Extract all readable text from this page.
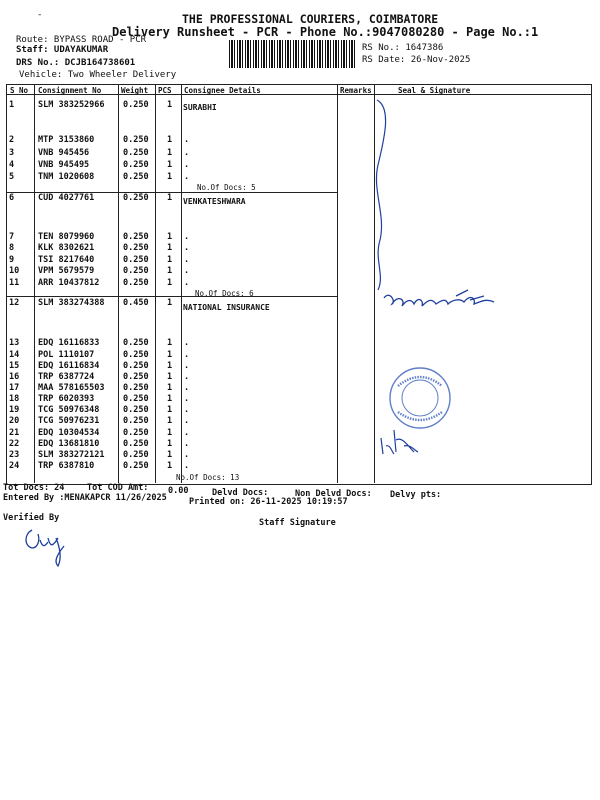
-	THE PROFESSIONAL COURIERS, COIMBATORE
Delivery Runsheet - PCR - Phone No.:9047080280 - Page No.:1
Route: BYPASS ROAD - PCR
Staff: UDAYAKUMAR
DRS No.: DCJB164738601
Vehicle: Two Wheeler Delivery
RS No.: 1647386
RS Date: 26-Nov-2025
S No Consignment No	Weight PCS Consignee Details	Remarks	Seal & Signature
SURABHI
No.Of Docs: 5
1	SLM 383252966 0.250 1
2	MTP 3153860	0.250 1 .
3	VNB 945456	0.250 1 .
4	VNB 945495	0.250 1 .
5	TNM 1020608	0.250 1 .
VENKATESHWARA
No.Of Docs: 6
6	CUD 4027761	0.250 1
7	TEN 8079960	0.250 1 .
8	KLK 8302621	0.250 1 .
9	TSI 8217640	0.250 1 .
10 VPM 5679579	0.250 1 .
11 ARR 10437812	0.250 1 .
NATIONAL INSURANCE
No.Of Docs: 13
12 SLM 383274388 0.450 1
13 EDQ 16116833	0.250 1 .
14 POL 1110107	0.250 1 .
15 EDQ 16116834	0.250 1 .
16 TRP 6387724	0.250 1 .
17 MAA 578165503 0.250 1 .
18 TRP 6020393	0.250 1 .
19 TCG 50976348	0.250 1 .
20 TCG 50976231	0.250 1 .
21 EDQ 10304534	0.250 1 .
22 EDQ 13681810	0.250 1 .
23 SLM 383272121 0.250 1 .
24 TRP 6387810	0.250 1 .
Tot Docs: 24	Tot COD Amt: 0.00	Delvd Docs:	Non Delvd Docs: Delvy pts:
Entered By :MENAKAPCR 11/26/2025	Printed on: 26-11-2025 10:19:57
Verified By	Staff Signature
